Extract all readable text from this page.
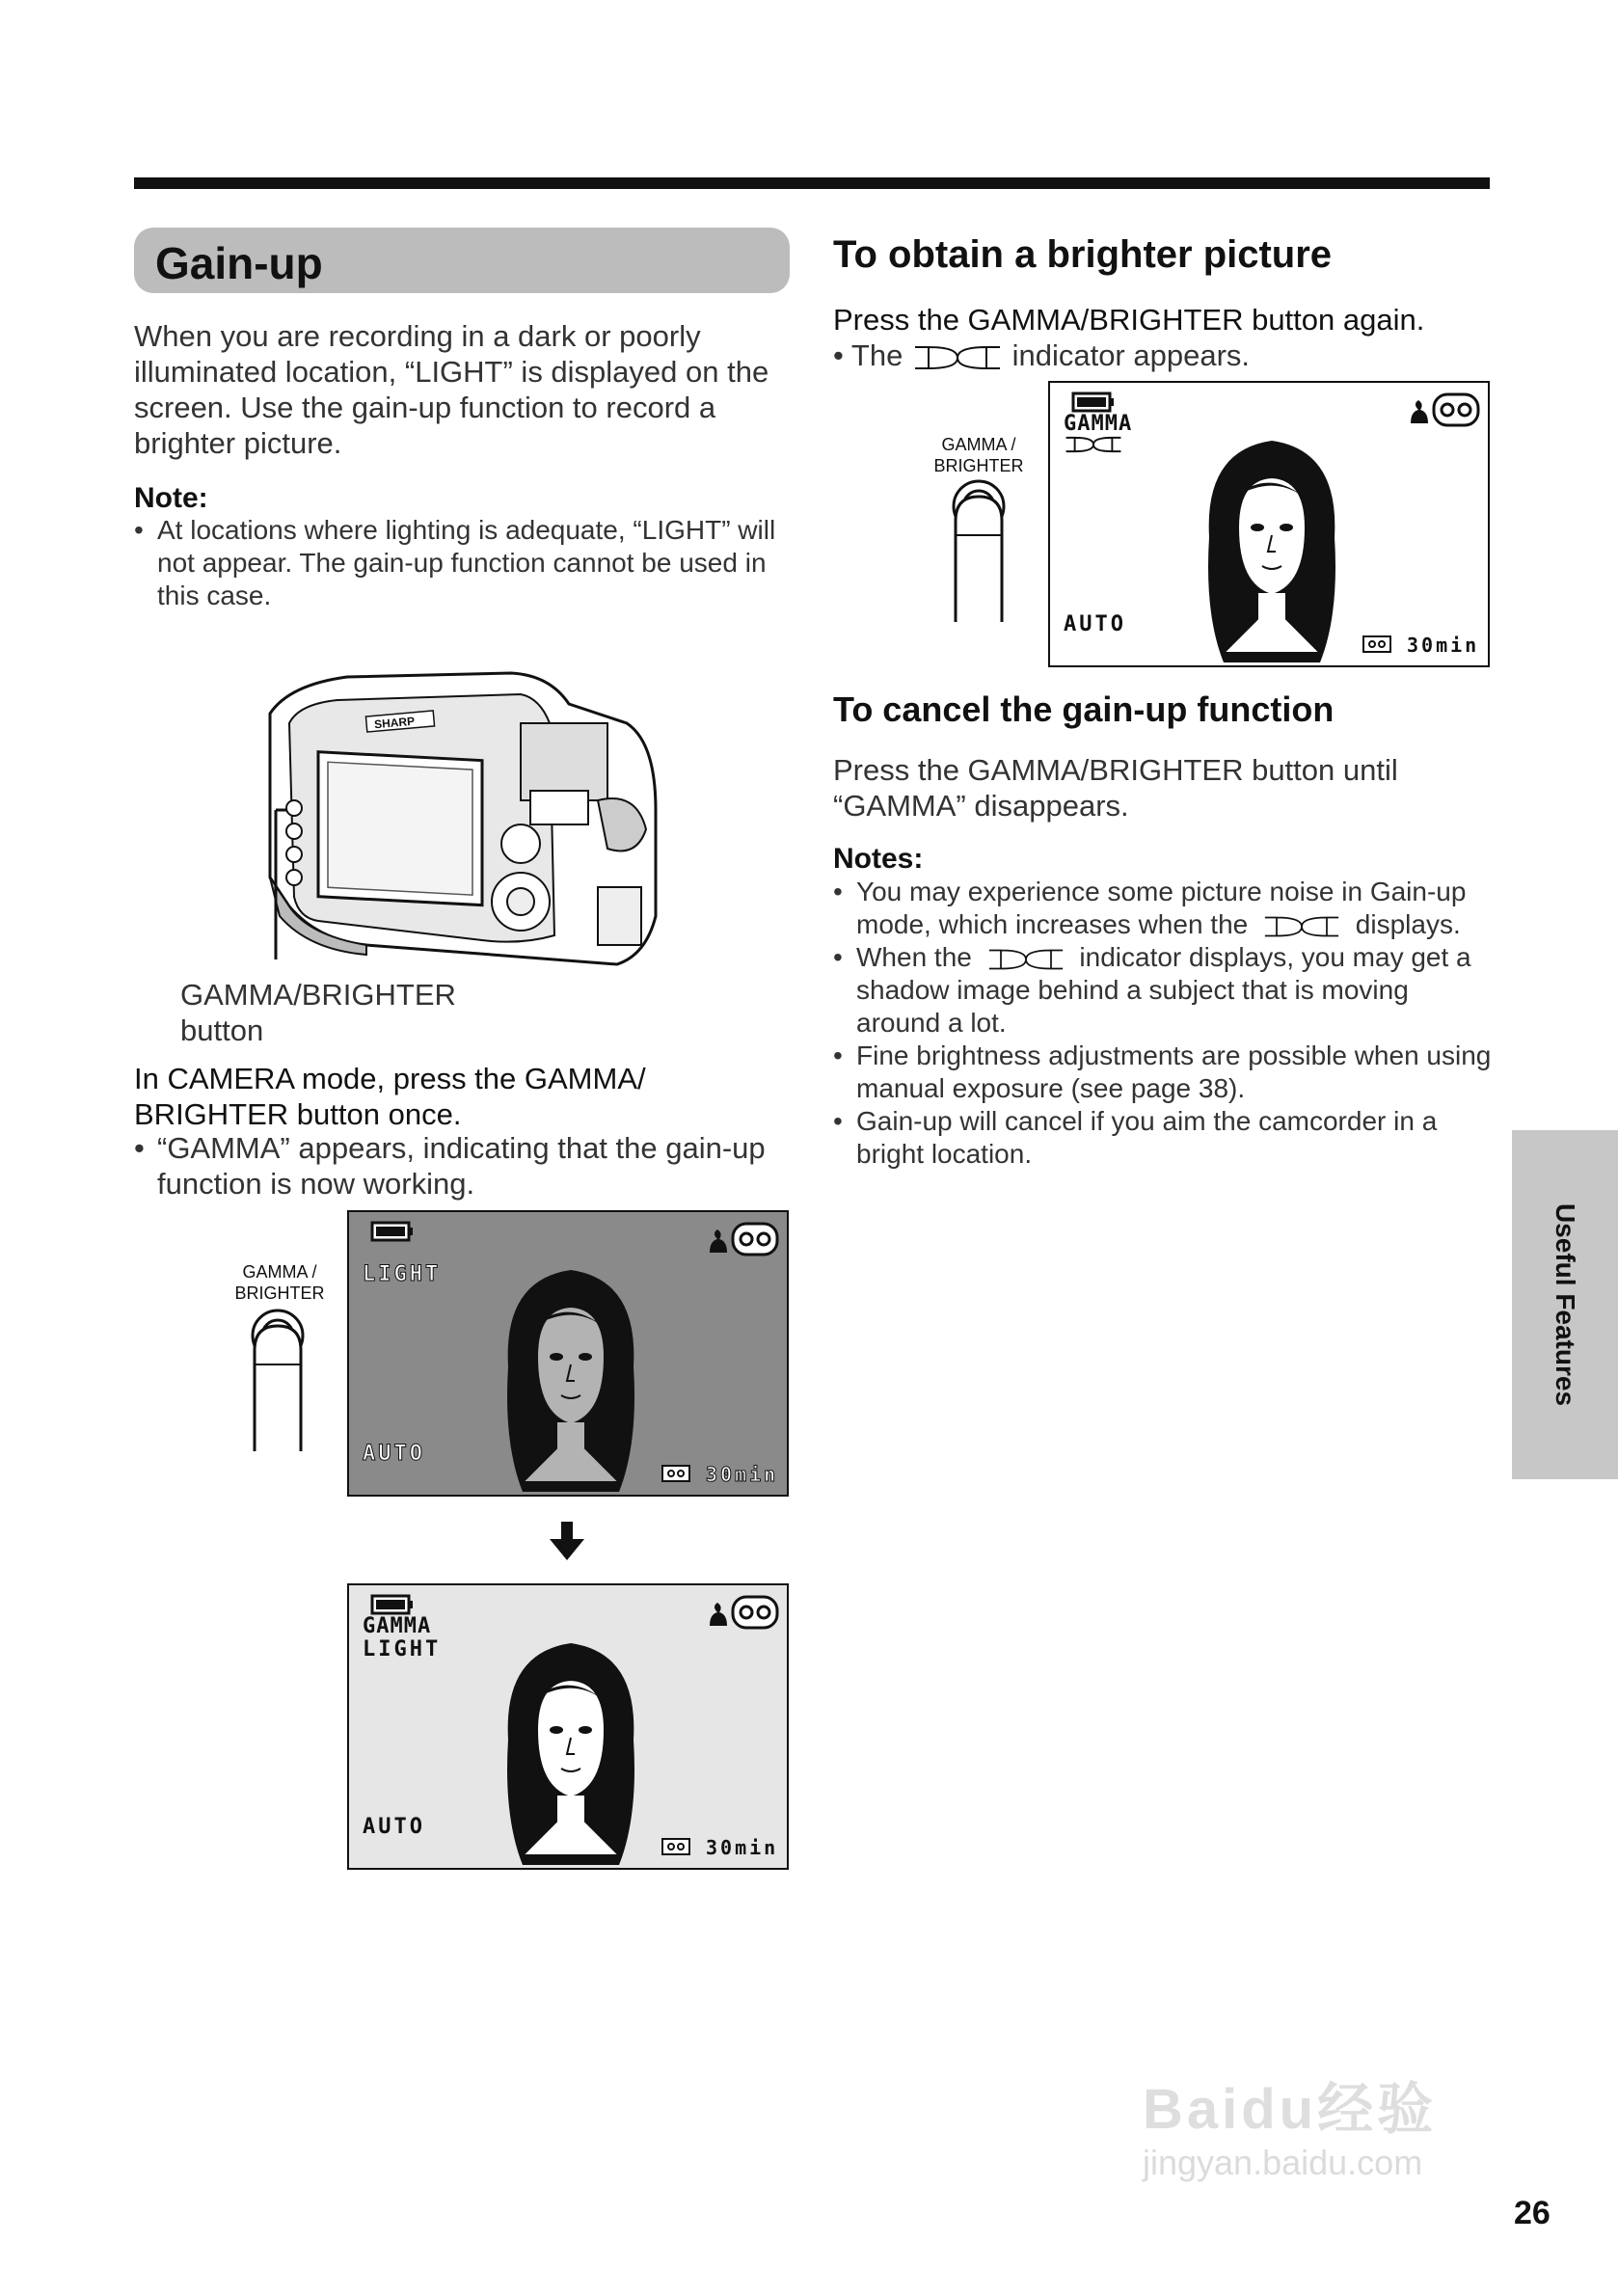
Gain-up
When you are recording in a dark or poorly illuminated location, “LIGHT” is displayed on the screen. Use the gain-up function to record a brighter picture.
Note:
• At locations where lighting is adequate, “LIGHT” will not appear. The gain-up function cannot be used in this case.
SHARP
GAMMA/BRIGHTER
button
In CAMERA mode, press the GAMMA/ BRIGHTER button once.
• “GAMMA” appears, indicating that the gain-up function is now working.
GAMMA /
BRIGHTER
LIGHT
AUTO
30min
GAMMA
LIGHT
AUTO
30min
To obtain a brighter picture
Press the GAMMA/BRIGHTER button again.
• The	indicator appears.
GAMMA /
BRIGHTER
GAMMA
AUTO
30min
To cancel the gain-up function
Press the GAMMA/BRIGHTER button until “GAMMA” disappears.
Notes:
• You may experience some picture noise in Gain-up mode, which increases when the	displays.
• When the	indicator displays, you may get a shadow image behind a subject that is moving around a lot.
• Fine brightness adjustments are possible when using manual exposure (see page 38).
• Gain-up will cancel if you aim the camcorder in a bright location.
Useful Features
Baidu经验
jingyan.baidu.com
26
